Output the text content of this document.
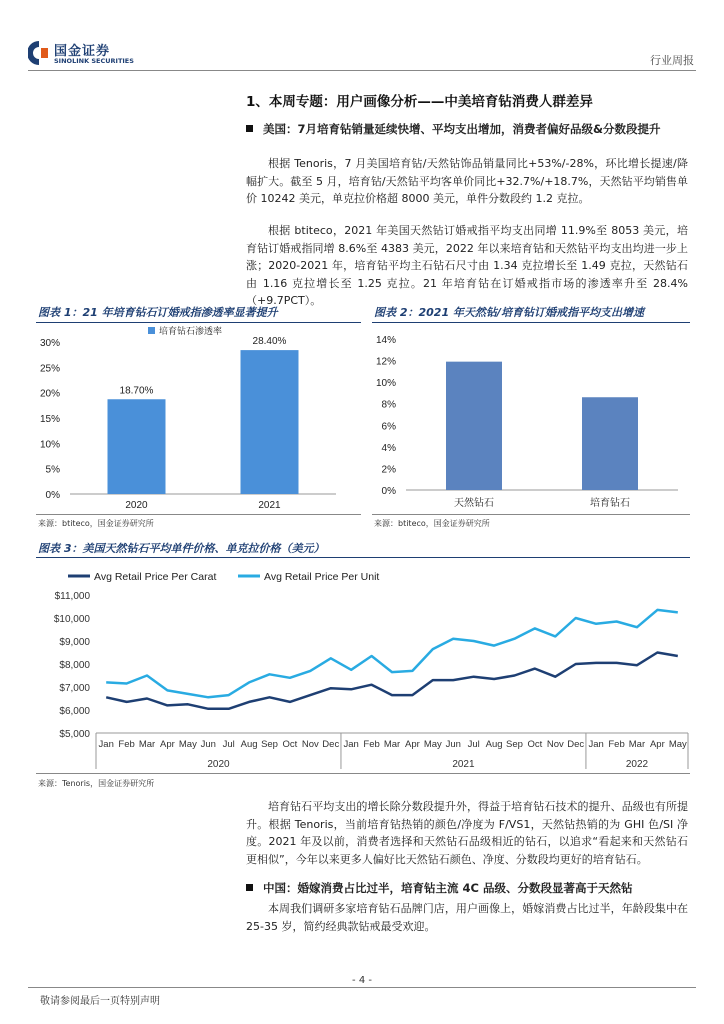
国金证券
SINOLINK SECURITIES	行业周报
1、本周专题：用户画像分析——中美培育钻消费人群差异
美国：7月培育钻销量延续快增、平均支出增加，消费者偏好品级&分数段提升

根据 Tenoris，7 月美国培育钻/天然钻饰品销量同比+53%/-28%，环比增长提速/降幅扩大。截至 5 月，培育钻/天然钻平均客单价同比+32.7%/+18.7%，天然钻平均销售单价 10242 美元，单克拉价格超 8000 美元，单件分数段约 1.2 克拉。

根据 btiteco，2021 年美国天然钻订婚戒指平均支出同增 11.9%至 8053 美元，培育钻订婚戒指同增 8.6%至 4383 美元，2022 年以来培育钻和天然钻平均支出均进一步上涨；2020-2021 年，培育钻平均主石钻石尺寸由 1.34 克拉增长至 1.49 克拉，天然钻石由 1.16 克拉增长至 1.25 克拉。21 年培育钻在订婚戒指市场的渗透率升至 28.4%（+9.7PCT）。

图表 1：21 年培育钻石订婚戒指渗透率显著提升
0%
5%
10%
15%
20%
25%
30%
培育钻石渗透率
18.70%
2020
28.40%
2021
来源：btiteco，国金证券研究所
图表 2：2021 年天然钻/培育钻订婚戒指平均支出增速
0%
2%
4%
6%
8%
10%
12%
14%
天然钻石	培育钻石
来源：btiteco，国金证券研究所
图表 3：美国天然钻石平均单件价格、单克拉价格（美元）
$5,000
$6,000
$7,000
$8,000
$9,000
$10,000
$11,000
Avg Retail Price Per Carat	Avg Retail Price Per Unit
Jan Feb Mar Apr May Jun Jul Aug Sep Oct Nov Dec Jan Feb Mar Apr May Jun Jul Aug Sep Oct Nov Dec Jan Feb Mar Apr May
2020	2021	2022
来源：Tenoris，国金证券研究所

培育钻石平均支出的增长除分数段提升外，得益于培育钻石技术的提升、品级也有所提升。根据 Tenoris，当前培育钻热销的颜色/净度为 F/VS1，天然钻热销的为 GHI 色/SI 净度。2021 年及以前，消费者选择和天然钻石品级相近的钻石，以追求“看起来和天然钻石更相似”，今年以来更多人偏好比天然钻石颜色、净度、分数段均更好的培育钻石。

中国：婚嫁消费占比过半，培育钻主流 4C 品级、分数段显著高于天然钻

本周我们调研多家培育钻石品牌门店，用户画像上，婚嫁消费占比过半，年龄段集中在 25-35 岁，简约经典款钻戒最受欢迎。

- 4 -
敬请参阅最后一页特别声明
